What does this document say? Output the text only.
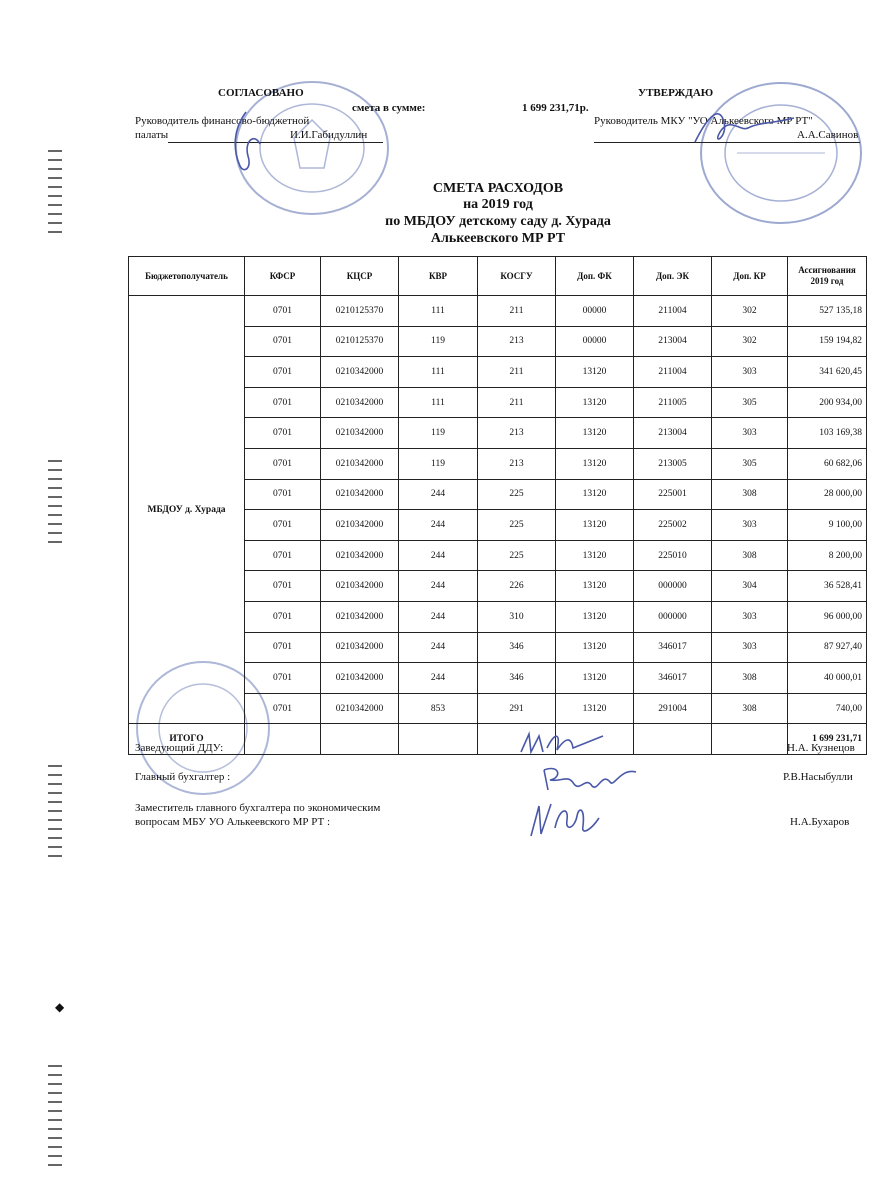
◆
СОГЛАСОВАНО
смета в сумме:	1 699 231,71р.
УТВЕРЖДАЮ
Руководитель финансово-бюджетной
палаты	И.И.Габидуллин
Руководитель МКУ "УО Алькеевского МР РТ"
А.А.Савинов
СМЕТА РАСХОДОВ
на 2019 год
по МБДОУ детскому саду д. Хурада
Алькеевского МР РТ
Бюджетополучатель	КФСР	КЦСР	КВР	КОСГУ	Доп. ФК	Доп. ЭК	Доп. КР	Ассигнования
2019 год

МБДОУ д. Хурада	0701	0210125370	111	211	00000	211004	302	527 135,18
	0701	0210125370	119	213	00000	213004	302	159 194,82
	0701	0210342000	111	211	13120	211004	303	341 620,45
	0701	0210342000	111	211	13120	211005	305	200 934,00
	0701	0210342000	119	213	13120	213004	303	103 169,38
	0701	0210342000	119	213	13120	213005	305	60 682,06
	0701	0210342000	244	225	13120	225001	308	28 000,00
	0701	0210342000	244	225	13120	225002	303	9 100,00
	0701	0210342000	244	225	13120	225010	308	8 200,00
	0701	0210342000	244	226	13120	000000	304	36 528,41
	0701	0210342000	244	310	13120	000000	303	96 000,00
	0701	0210342000	244	346	13120	346017	303	87 927,40
	0701	0210342000	244	346	13120	346017	308	40 000,01
	0701	0210342000	853	291	13120	291004	308	740,00
ИТОГО								1 699 231,71
Заведующий ДДУ:	Н.А. Кузнецов
Главный бухгалтер :	Р.В.Насыбулли
Заместитель главного бухгалтера по экономическим
вопросам МБУ УО Алькеевского МР РТ :	Н.А.Бухаров
